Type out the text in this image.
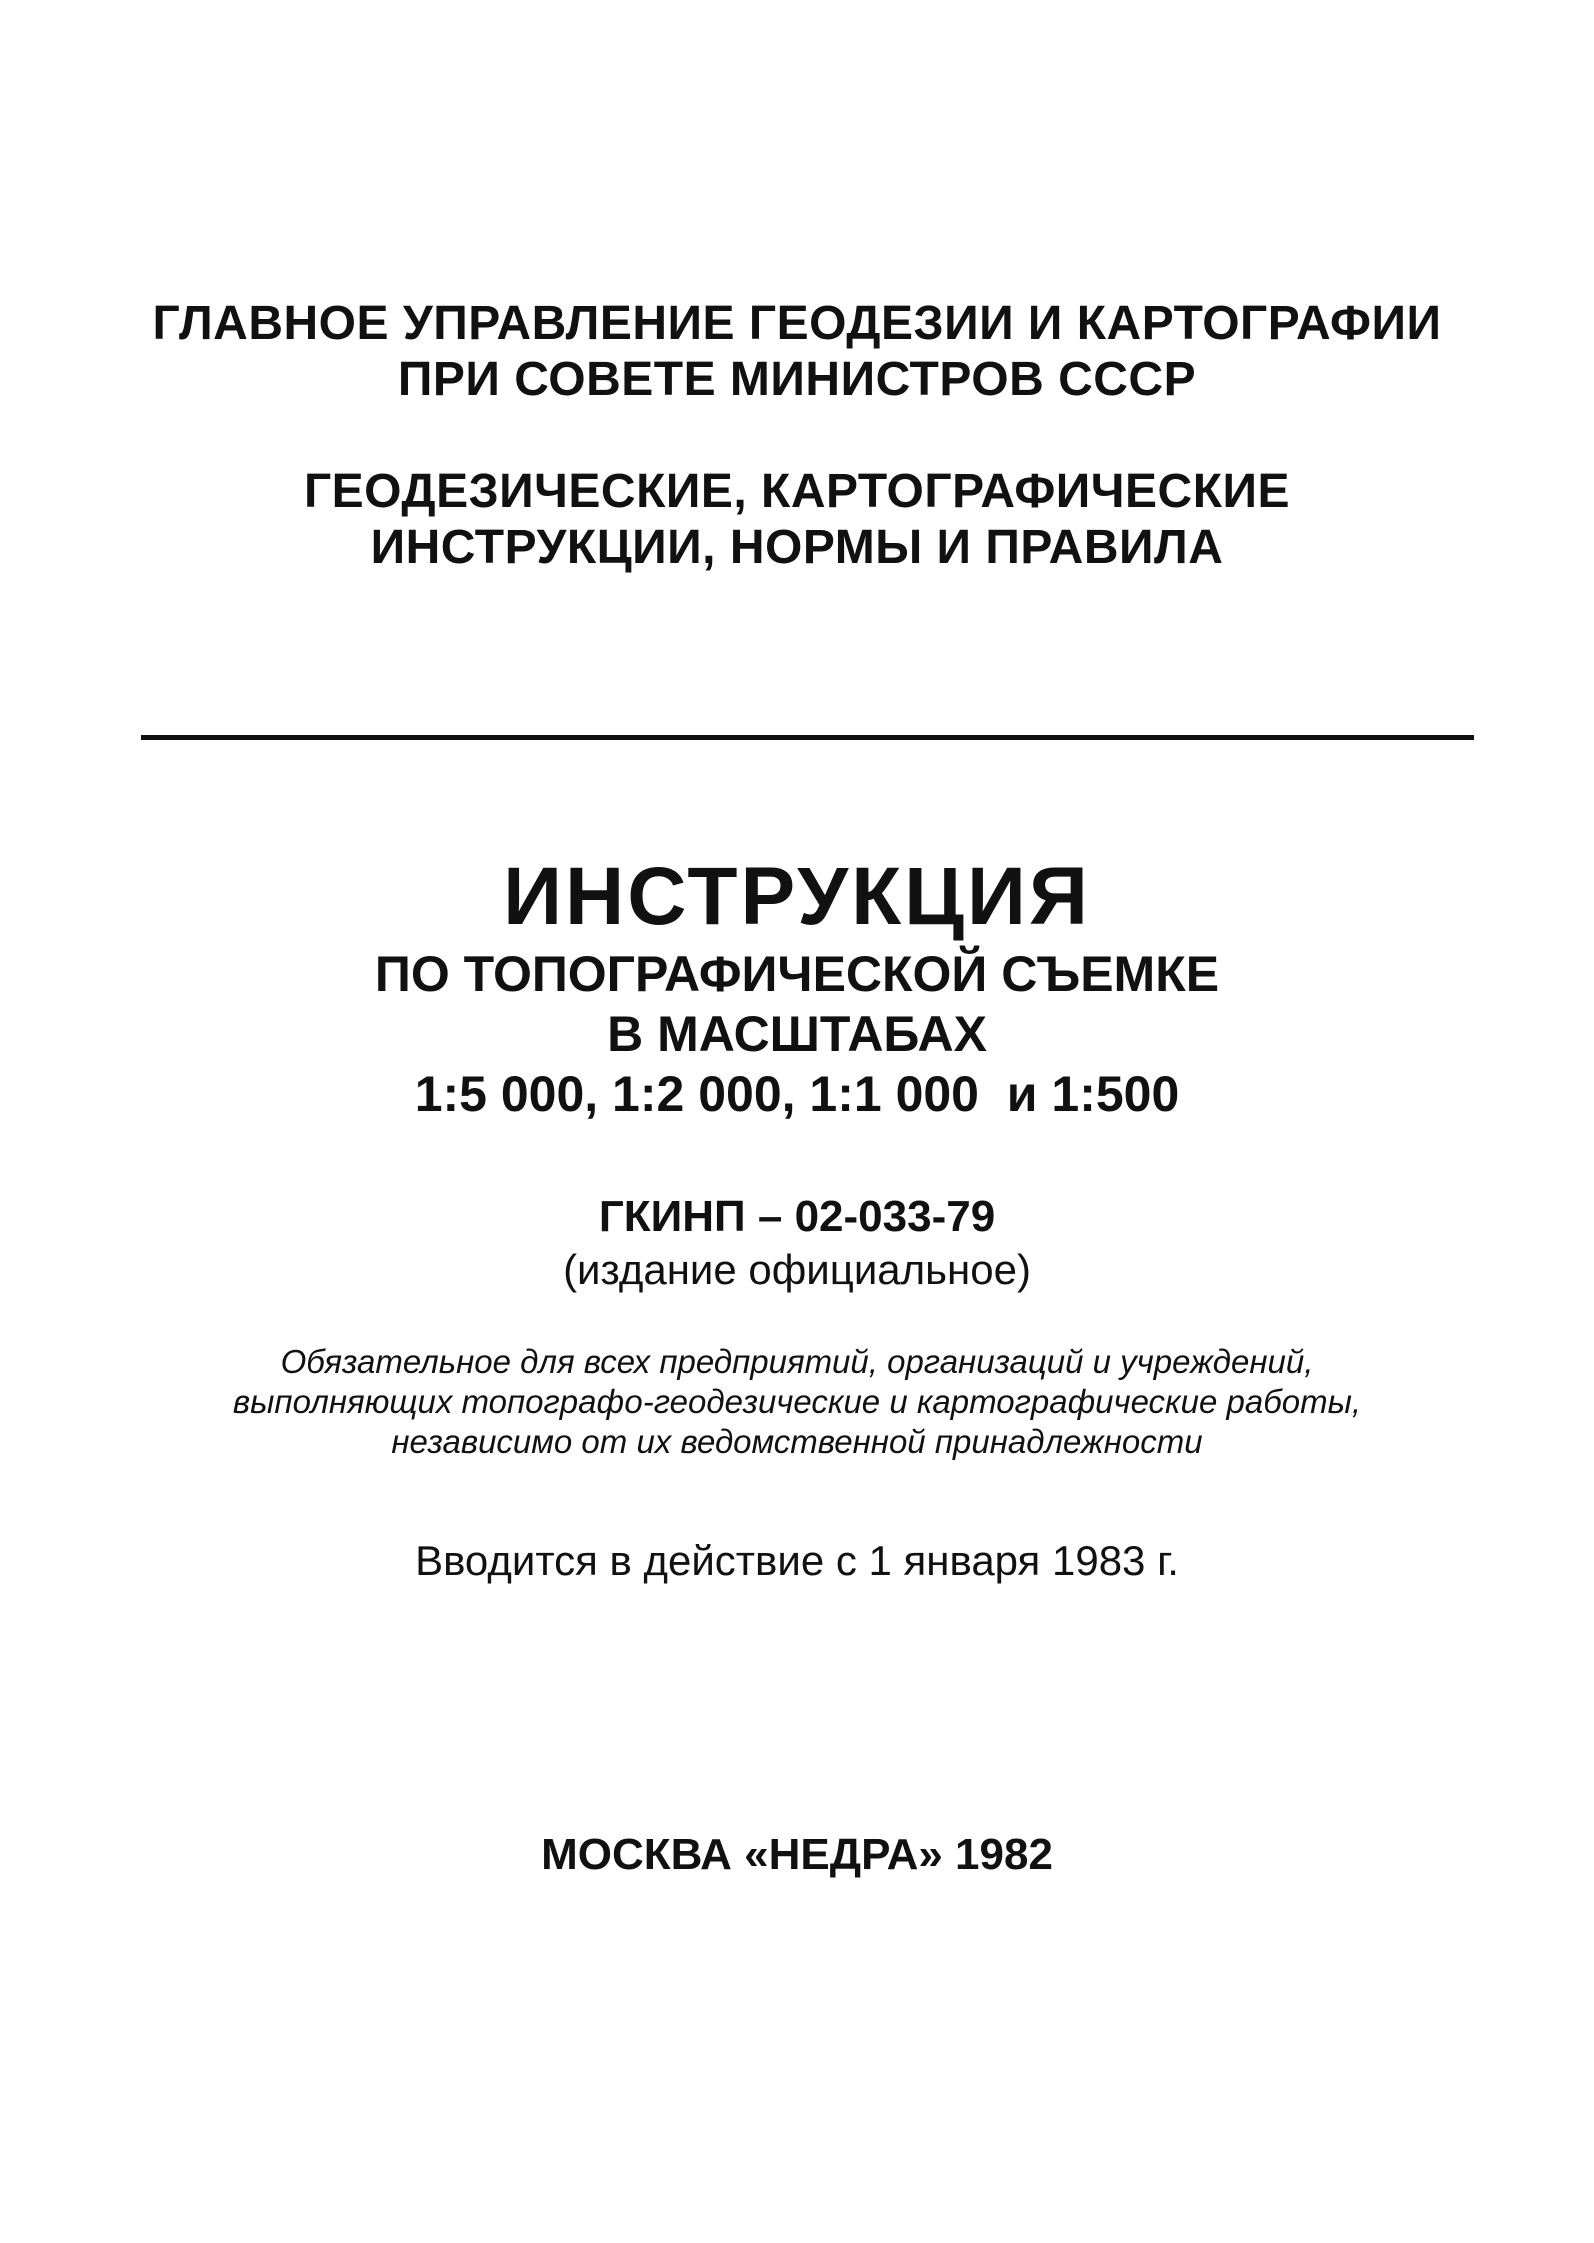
ГЛАВНОЕ УПРАВЛЕНИЕ ГЕОДЕЗИИ И КАРТОГРАФИИ
ПРИ СОВЕТЕ МИНИСТРОВ СССР
ГЕОДЕЗИЧЕСКИЕ, КАРТОГРАФИЧЕСКИЕ
ИНСТРУКЦИИ, НОРМЫ И ПРАВИЛА
ИНСТРУКЦИЯ
ПО ТОПОГРАФИЧЕСКОЙ СЪЕМКЕ
В МАСШТАБАХ
1:5 000, 1:2 000, 1:1 000  и 1:500
ГКИНП – 02-033-79
(издание официальное)
Обязательное для всех предприятий, организаций и учреждений,
выполняющих топографо-геодезические и картографические работы,
независимо от их ведомственной принадлежности
Вводится в действие с 1 января 1983 г.
МОСКВА «НЕДРА» 1982
